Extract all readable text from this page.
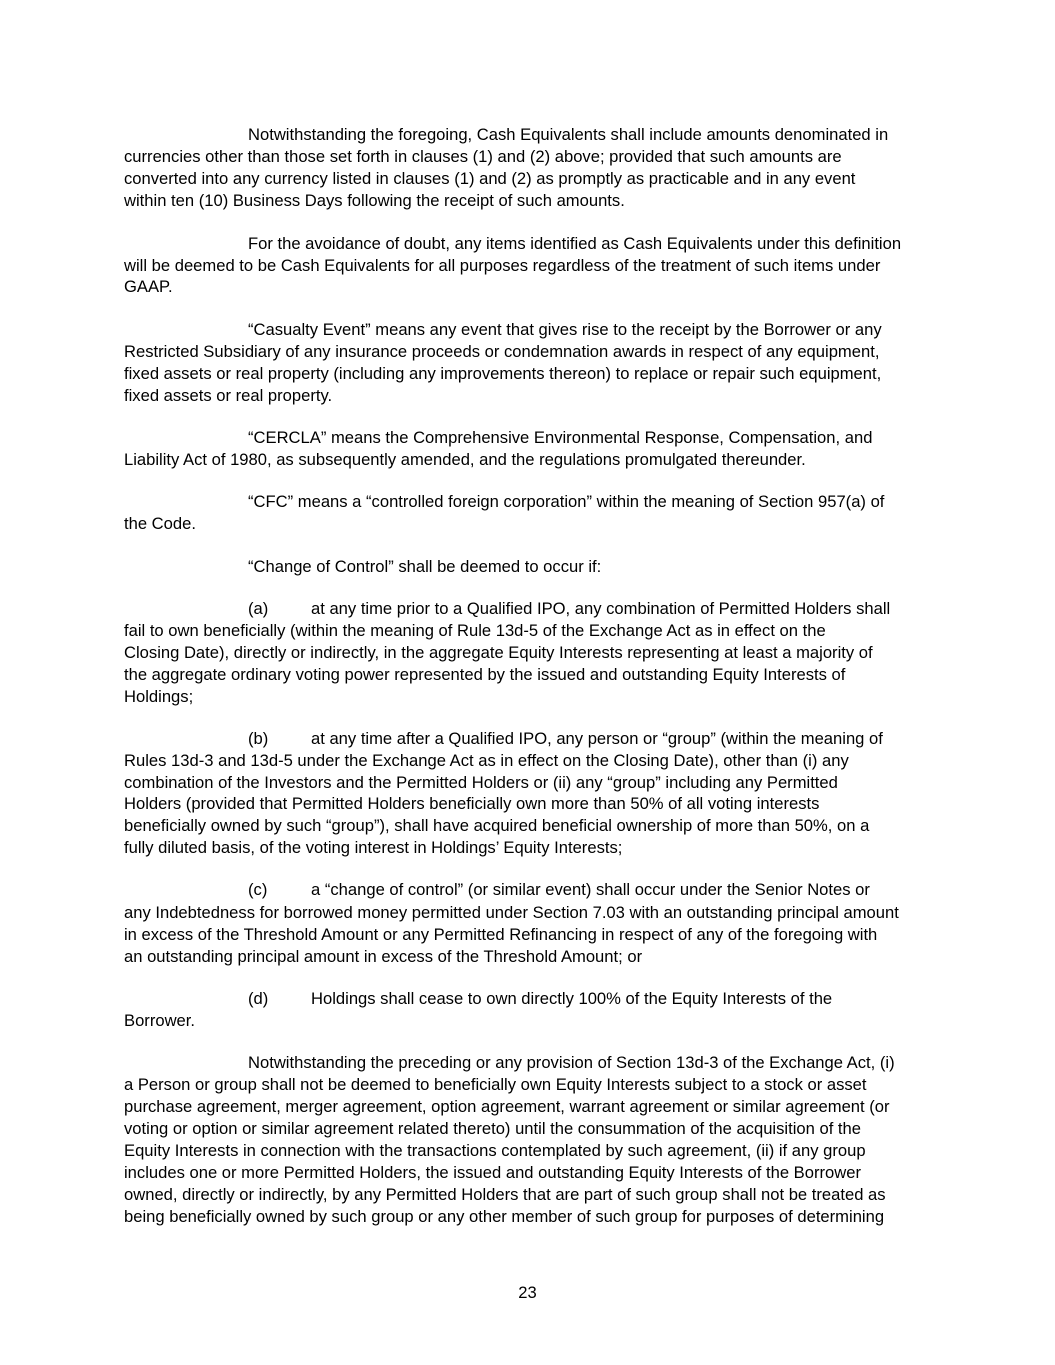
Notwithstanding the foregoing, Cash Equivalents shall include amounts denominated in
currencies other than those set forth in clauses (1) and (2) above; provided that such amounts are
converted into any currency listed in clauses (1) and (2) as promptly as practicable and in any event
within ten (10) Business Days following the receipt of such amounts.
For the avoidance of doubt, any items identified as Cash Equivalents under this definition
will be deemed to be Cash Equivalents for all purposes regardless of the treatment of such items under
GAAP.
“Casualty Event” means any event that gives rise to the receipt by the Borrower or any
Restricted Subsidiary of any insurance proceeds or condemnation awards in respect of any equipment,
fixed assets or real property (including any improvements thereon) to replace or repair such equipment,
fixed assets or real property.
“CERCLA” means the Comprehensive Environmental Response, Compensation, and
Liability Act of 1980, as subsequently amended, and the regulations promulgated thereunder.
“CFC” means a “controlled foreign corporation” within the meaning of Section 957(a) of
the Code.
“Change of Control” shall be deemed to occur if:
(a)	at any time prior to a Qualified IPO, any combination of Permitted Holders shall
fail to own beneficially (within the meaning of Rule 13d-5 of the Exchange Act as in effect on the
Closing Date), directly or indirectly, in the aggregate Equity Interests representing at least a majority of
the aggregate ordinary voting power represented by the issued and outstanding Equity Interests of
Holdings;
(b)	at any time after a Qualified IPO, any person or “group” (within the meaning of
Rules 13d-3 and 13d-5 under the Exchange Act as in effect on the Closing Date), other than (i) any
combination of the Investors and the Permitted Holders or (ii) any “group” including any Permitted
Holders (provided that Permitted Holders beneficially own more than 50% of all voting interests
beneficially owned by such “group”), shall have acquired beneficial ownership of more than 50%, on a
fully diluted basis, of the voting interest in Holdings’ Equity Interests;
(c)	a “change of control” (or similar event) shall occur under the Senior Notes or
any Indebtedness for borrowed money permitted under Section 7.03 with an outstanding principal amount
in excess of the Threshold Amount or any Permitted Refinancing in respect of any of the foregoing with
an outstanding principal amount in excess of the Threshold Amount; or
(d)	Holdings shall cease to own directly 100% of the Equity Interests of the
Borrower.
Notwithstanding the preceding or any provision of Section 13d-3 of the Exchange Act, (i)
a Person or group shall not be deemed to beneficially own Equity Interests subject to a stock or asset
purchase agreement, merger agreement, option agreement, warrant agreement or similar agreement (or
voting or option or similar agreement related thereto) until the consummation of the acquisition of the
Equity Interests in connection with the transactions contemplated by such agreement, (ii) if any group
includes one or more Permitted Holders, the issued and outstanding Equity Interests of the Borrower
owned, directly or indirectly, by any Permitted Holders that are part of such group shall not be treated as
being beneficially owned by such group or any other member of such group for purposes of determining
23
